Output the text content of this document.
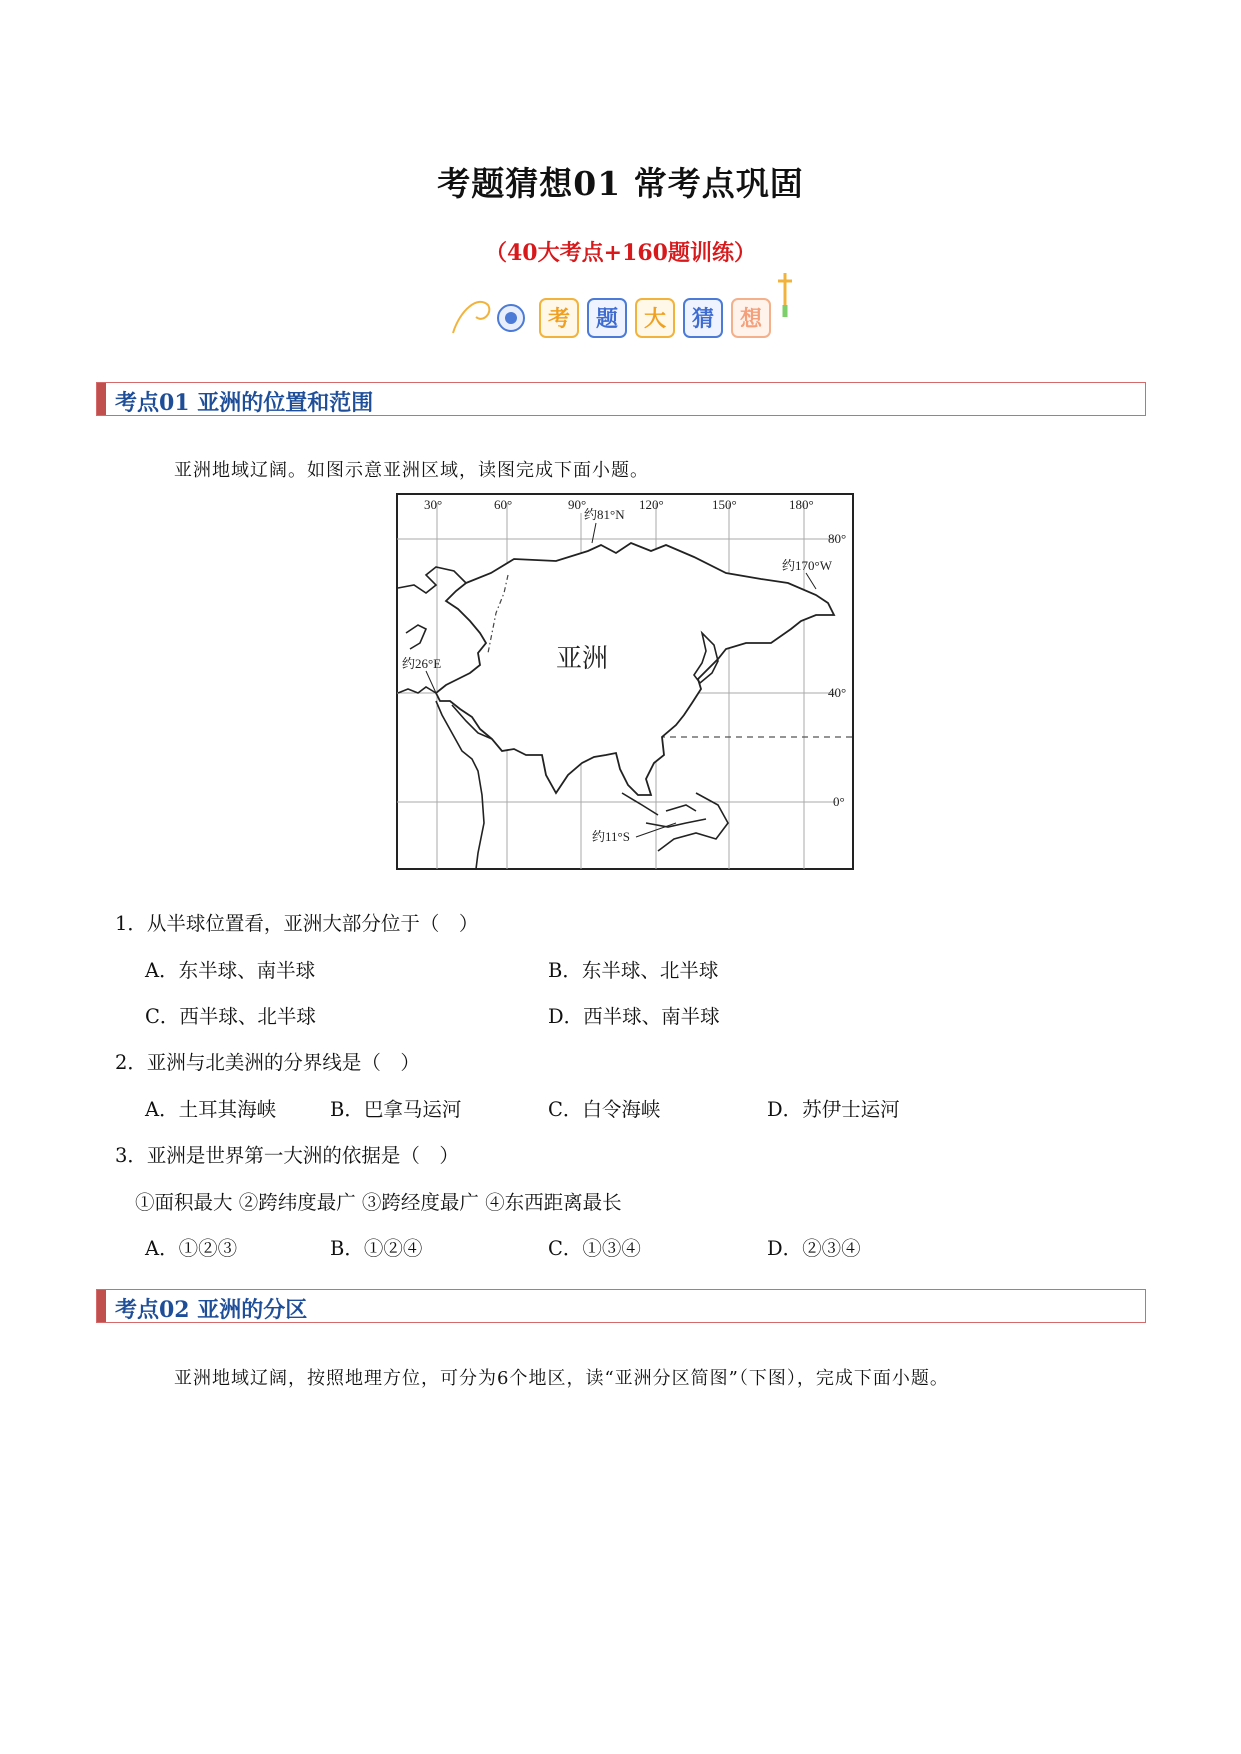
考题猜想01 常考点巩固
（40大考点+160题训练）
考 题 大 猜 想
考点01 亚洲的位置和范围
亚洲地域辽阔。如图示意亚洲区域，读图完成下面小题。
30°	60°	90°	120°	150°	180°
80°
40°
0°
约81°N
约170°W
约26°E
约11°S
亚洲
1．从半球位置看，亚洲大部分位于（　）
A．东半球、南半球	B．东半球、北半球
C．西半球、北半球	D．西半球、南半球
2．亚洲与北美洲的分界线是（　）
A．土耳其海峡	B．巴拿马运河	C．白令海峡	D．苏伊士运河
3．亚洲是世界第一大洲的依据是（　）
①面积最大 ②跨纬度最广 ③跨经度最广 ④东西距离最长
A．①②③	B．①②④	C．①③④	D．②③④
考点02 亚洲的分区
亚洲地域辽阔，按照地理方位，可分为6个地区，读“亚洲分区简图”（下图），完成下面小题。
